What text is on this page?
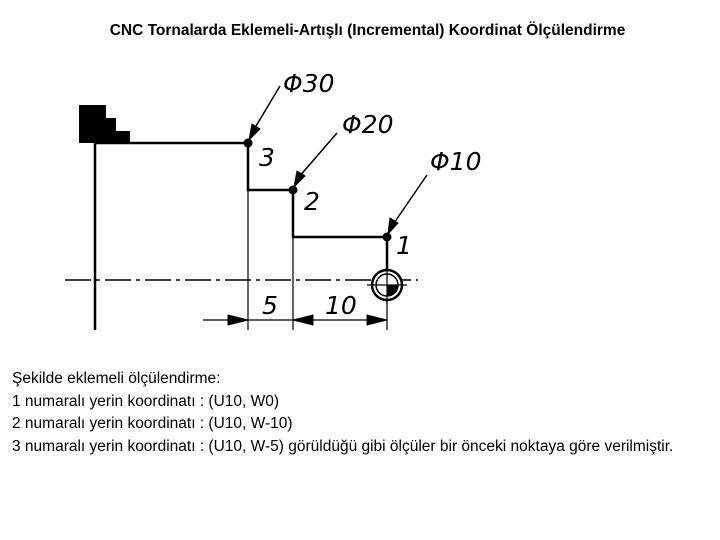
CNC Tornalarda Eklemeli-Artışlı (Incremental) Koordinat Ölçülendirme
Φ30
Φ20
Φ10
3
2
1
5 10
Şekilde eklemeli ölçülendirme:
1 numaralı yerin koordinatı : (U10, W0)
2 numaralı yerin koordinatı : (U10, W-10)
3 numaralı yerin koordinatı : (U10, W-5) görüldüğü gibi ölçüler bir önceki noktaya göre verilmiştir.
